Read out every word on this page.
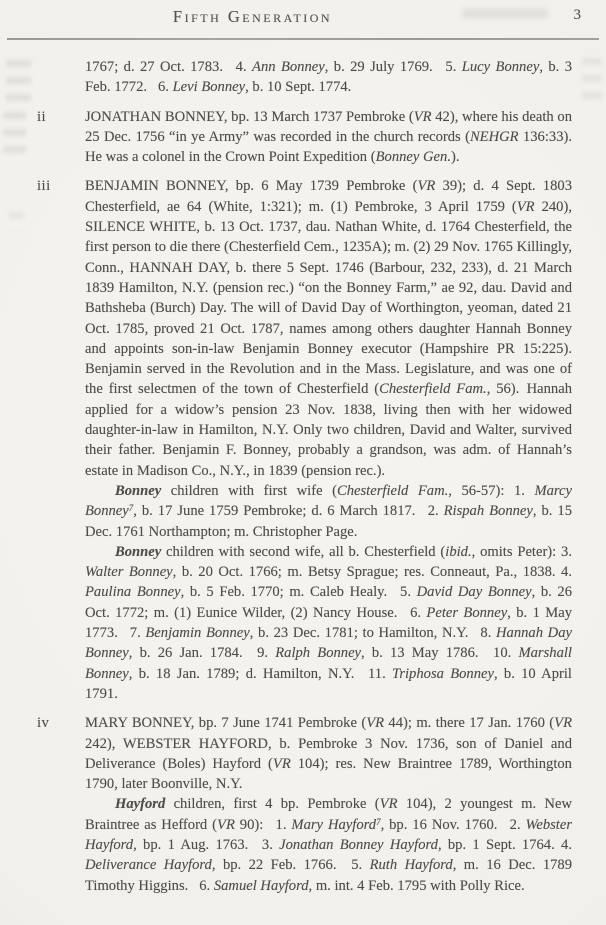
Fifth Generation	3

1767; d. 27 Oct. 1783.  4. Ann Bonney, b. 29 July 1769.  5. Lucy Bonney, b. 3 Feb. 1772.  6. Levi Bonney, b. 10 Sept. 1774.

ii	JONATHAN BONNEY, bp. 13 March 1737 Pembroke (VR 42), where his death on 25 Dec. 1756 “in ye Army” was recorded in the church records (NEHGR 136:33). He was a colonel in the Crown Point Expedition (Bonney Gen.).

iii BENJAMIN BONNEY, bp. 6 May 1739 Pembroke (VR 39); d. 4 Sept. 1803 Chesterfield, ae 64 (White, 1:321); m. (1) Pembroke, 3 April 1759 (VR 240), SILENCE WHITE, b. 13 Oct. 1737, dau. Nathan White, d. 1764 Chesterfield, the first person to die there (Chesterfield Cem., 1235A); m. (2) 29 Nov. 1765 Killingly, Conn., HANNAH DAY, b. there 5 Sept. 1746 (Barbour, 232, 233), d. 21 March 1839 Hamilton, N.Y. (pension rec.) “on the Bonney Farm,” ae 92, dau. David and Bathsheba (Burch) Day. The will of David Day of Worthington, yeoman, dated 21 Oct. 1785, proved 21 Oct. 1787, names among others daughter Hannah Bonney and appoints son-in-law Benjamin Bonney executor (Hampshire PR 15:225). Benjamin served in the Revolution and in the Mass. Legislature, and was one of the first selectmen of the town of Chesterfield (Chesterfield Fam., 56). Hannah applied for a widow’s pension 23 Nov. 1838, living then with her widowed daughter-in-law in Hamilton, N.Y. Only two children, David and Walter, survived their father. Benjamin F. Bonney, probably a grandson, was adm. of Hannah’s estate in Madison Co., N.Y., in 1839 (pension rec.).

Bonney children with first wife (Chesterfield Fam., 56-57): 1. Marcy Bonney$^7$, b. 17 June 1759 Pembroke; d. 6 March 1817.  2. Rispah Bonney, b. 15 Dec. 1761 Northampton; m. Christopher Page.

Bonney children with second wife, all b. Chesterfield (ibid., omits Peter): 3. Walter Bonney, b. 20 Oct. 1766; m. Betsy Sprague; res. Conneaut, Pa., 1838. 4. Paulina Bonney, b. 5 Feb. 1770; m. Caleb Healy.  5. David Day Bonney, b. 26 Oct. 1772; m. (1) Eunice Wilder, (2) Nancy House.  6. Peter Bonney, b. 1 May 1773.  7. Benjamin Bonney, b. 23 Dec. 1781; to Hamilton, N.Y.  8. Hannah Day Bonney, b. 26 Jan. 1784.  9. Ralph Bonney, b. 13 May 1786.  10. Marshall Bonney, b. 18 Jan. 1789; d. Hamilton, N.Y.  11. Triphosa Bonney, b. 10 April 1791.

iv MARY BONNEY, bp. 7 June 1741 Pembroke (VR 44); m. there 17 Jan. 1760 (VR 242), WEBSTER HAYFORD, b. Pembroke 3 Nov. 1736, son of Daniel and Deliverance (Boles) Hayford (VR 104); res. New Braintree 1789, Worthington 1790, later Boonville, N.Y.

Hayford children, first 4 bp. Pembroke (VR 104), 2 youngest m. New Braintree as Hefford (VR 90):  1. Mary Hayford$^7$, bp. 16 Nov. 1760.  2. Webster Hayford, bp. 1 Aug. 1763.  3. Jonathan Bonney Hayford, bp. 1 Sept. 1764. 4. Deliverance Hayford, bp. 22 Feb. 1766.  5. Ruth Hayford, m. 16 Dec. 1789 Timothy Higgins.  6. Samuel Hayford, m. int. 4 Feb. 1795 with Polly Rice.
